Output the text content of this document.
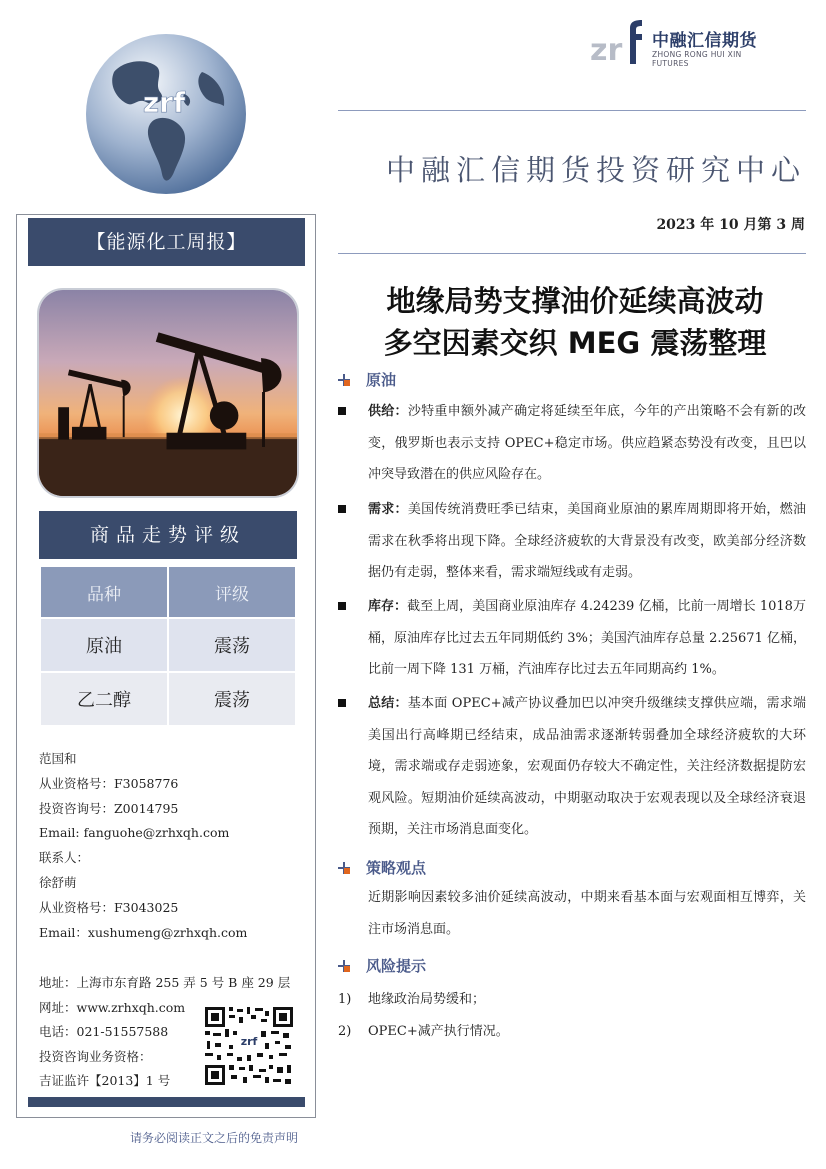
zrf
zr 中融汇信期货
ZHONG RONG HUI XIN FUTURES
中融汇信期货投资研究中心
2023 年 10 月第 3 周
【能源化工周报】
商品走势评级
品种	评级
原油	震荡
乙二醇	震荡
范国和
从业资格号：F3058776
投资咨询号：Z0014795
Email: fanguohe@zrhxqh.com
联系人：
徐舒萌
从业资格号：F3043025
Email：xushumeng@zrhxqh.com
地址：上海市东育路 255 弄 5 号 B 座 29 层
网址：www.zrhxqh.com
电话：021-51557588
投资咨询业务资格：
吉证监许【2013】1 号
zrf
请务必阅读正文之后的免责声明
地缘局势支撑油价延续高波动
多空因素交织 MEG 震荡整理
原油
供给：沙特重申额外减产确定将延续至年底，今年的产出策略不会有新的改变，俄罗斯也表示支持 OPEC+稳定市场。供应趋紧态势没有改变，且巴以冲突导致潜在的供应风险存在。
需求：美国传统消费旺季已结束，美国商业原油的累库周期即将开始，燃油需求在秋季将出现下降。全球经济疲软的大背景没有改变，欧美部分经济数据仍有走弱，整体来看，需求端短线或有走弱。
库存：截至上周，美国商业原油库存 4.24239 亿桶，比前一周增长 1018万桶，原油库存比过去五年同期低约 3%；美国汽油库存总量 2.25671 亿桶，比前一周下降 131 万桶，汽油库存比过去五年同期高约 1%。
总结：基本面 OPEC+减产协议叠加巴以冲突升级继续支撑供应端，需求端美国出行高峰期已经结束，成品油需求逐渐转弱叠加全球经济疲软的大环境，需求端或存走弱迹象，宏观面仍存较大不确定性，关注经济数据提防宏观风险。短期油价延续高波动，中期驱动取决于宏观表现以及全球经济衰退预期，关注市场消息面变化。
策略观点
近期影响因素较多油价延续高波动，中期来看基本面与宏观面相互博弈，关注市场消息面。
风险提示
1) 地缘政治局势缓和；
2) OPEC+减产执行情况。
